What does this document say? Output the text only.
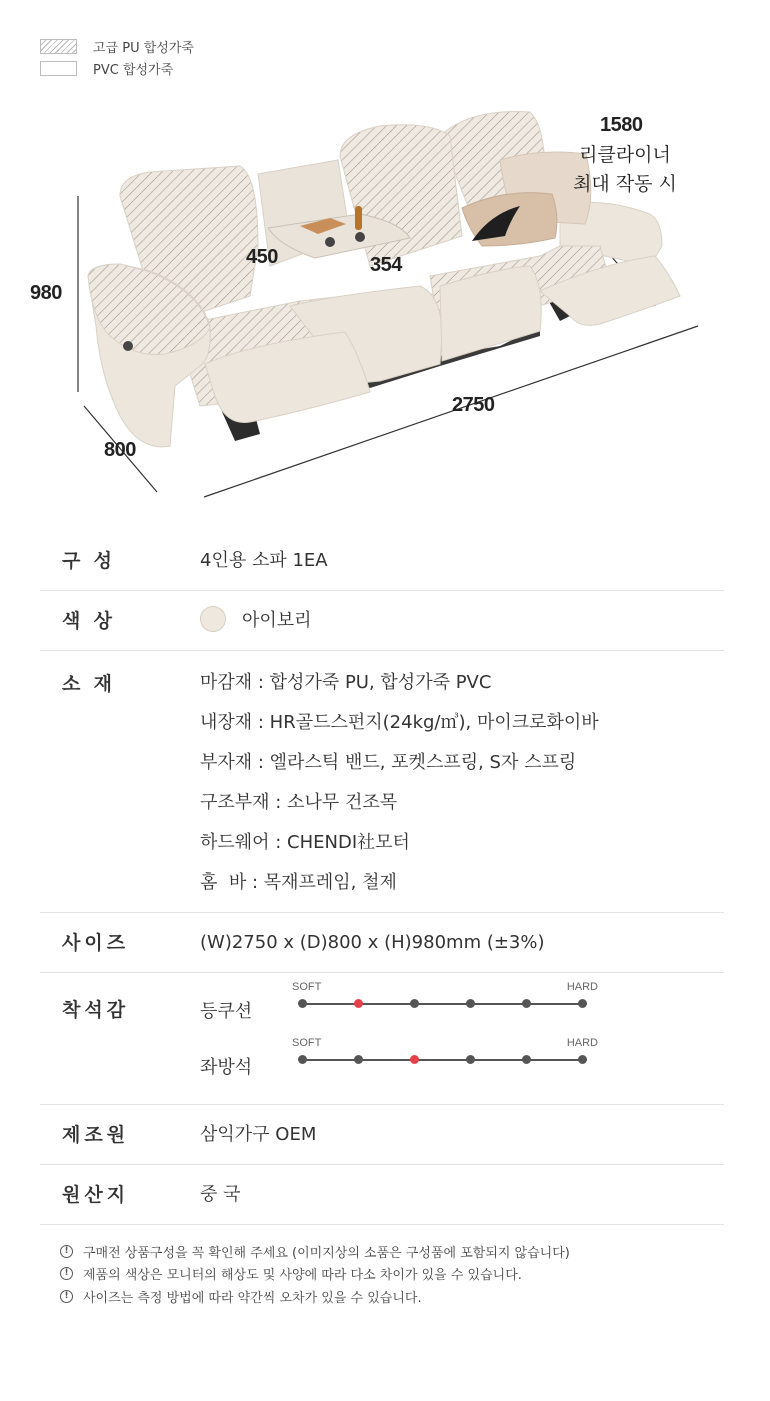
고급 PU 합성가죽
PVC 합성가죽
1580
리클라이너
최대 작동 시
980
800
2750
450	354
구  성	4인용 소파 1EA
색  상	아이보리
소  재	마감재 : 합성가죽 PU, 합성가죽 PVC
내장재 : HR골드스펀지(24kg/㎥), 마이크로화이바
부자재 : 엘라스틱 밴드, 포켓스프링, S자 스프링
구조부재 : 소나무 건조목
하드웨어 : CHENDI社모터
홈  바 : 목재프레임, 철제
사이즈	(W)2750 x (D)800 x (H)980mm (±3%)
착석감	등쿠션
SOFT	HARD
좌방석
SOFT	HARD
제조원	삼익가구 OEM
원산지	중 국
!	구매전 상품구성을 꼭 확인해 주세요 (이미지상의 소품은 구성품에 포함되지 않습니다)
!	제품의 색상은 모니터의 해상도 및 사양에 따라 다소 차이가 있을 수 있습니다.
!	사이즈는 측정 방법에 따라 약간씩 오차가 있을 수 있습니다.
